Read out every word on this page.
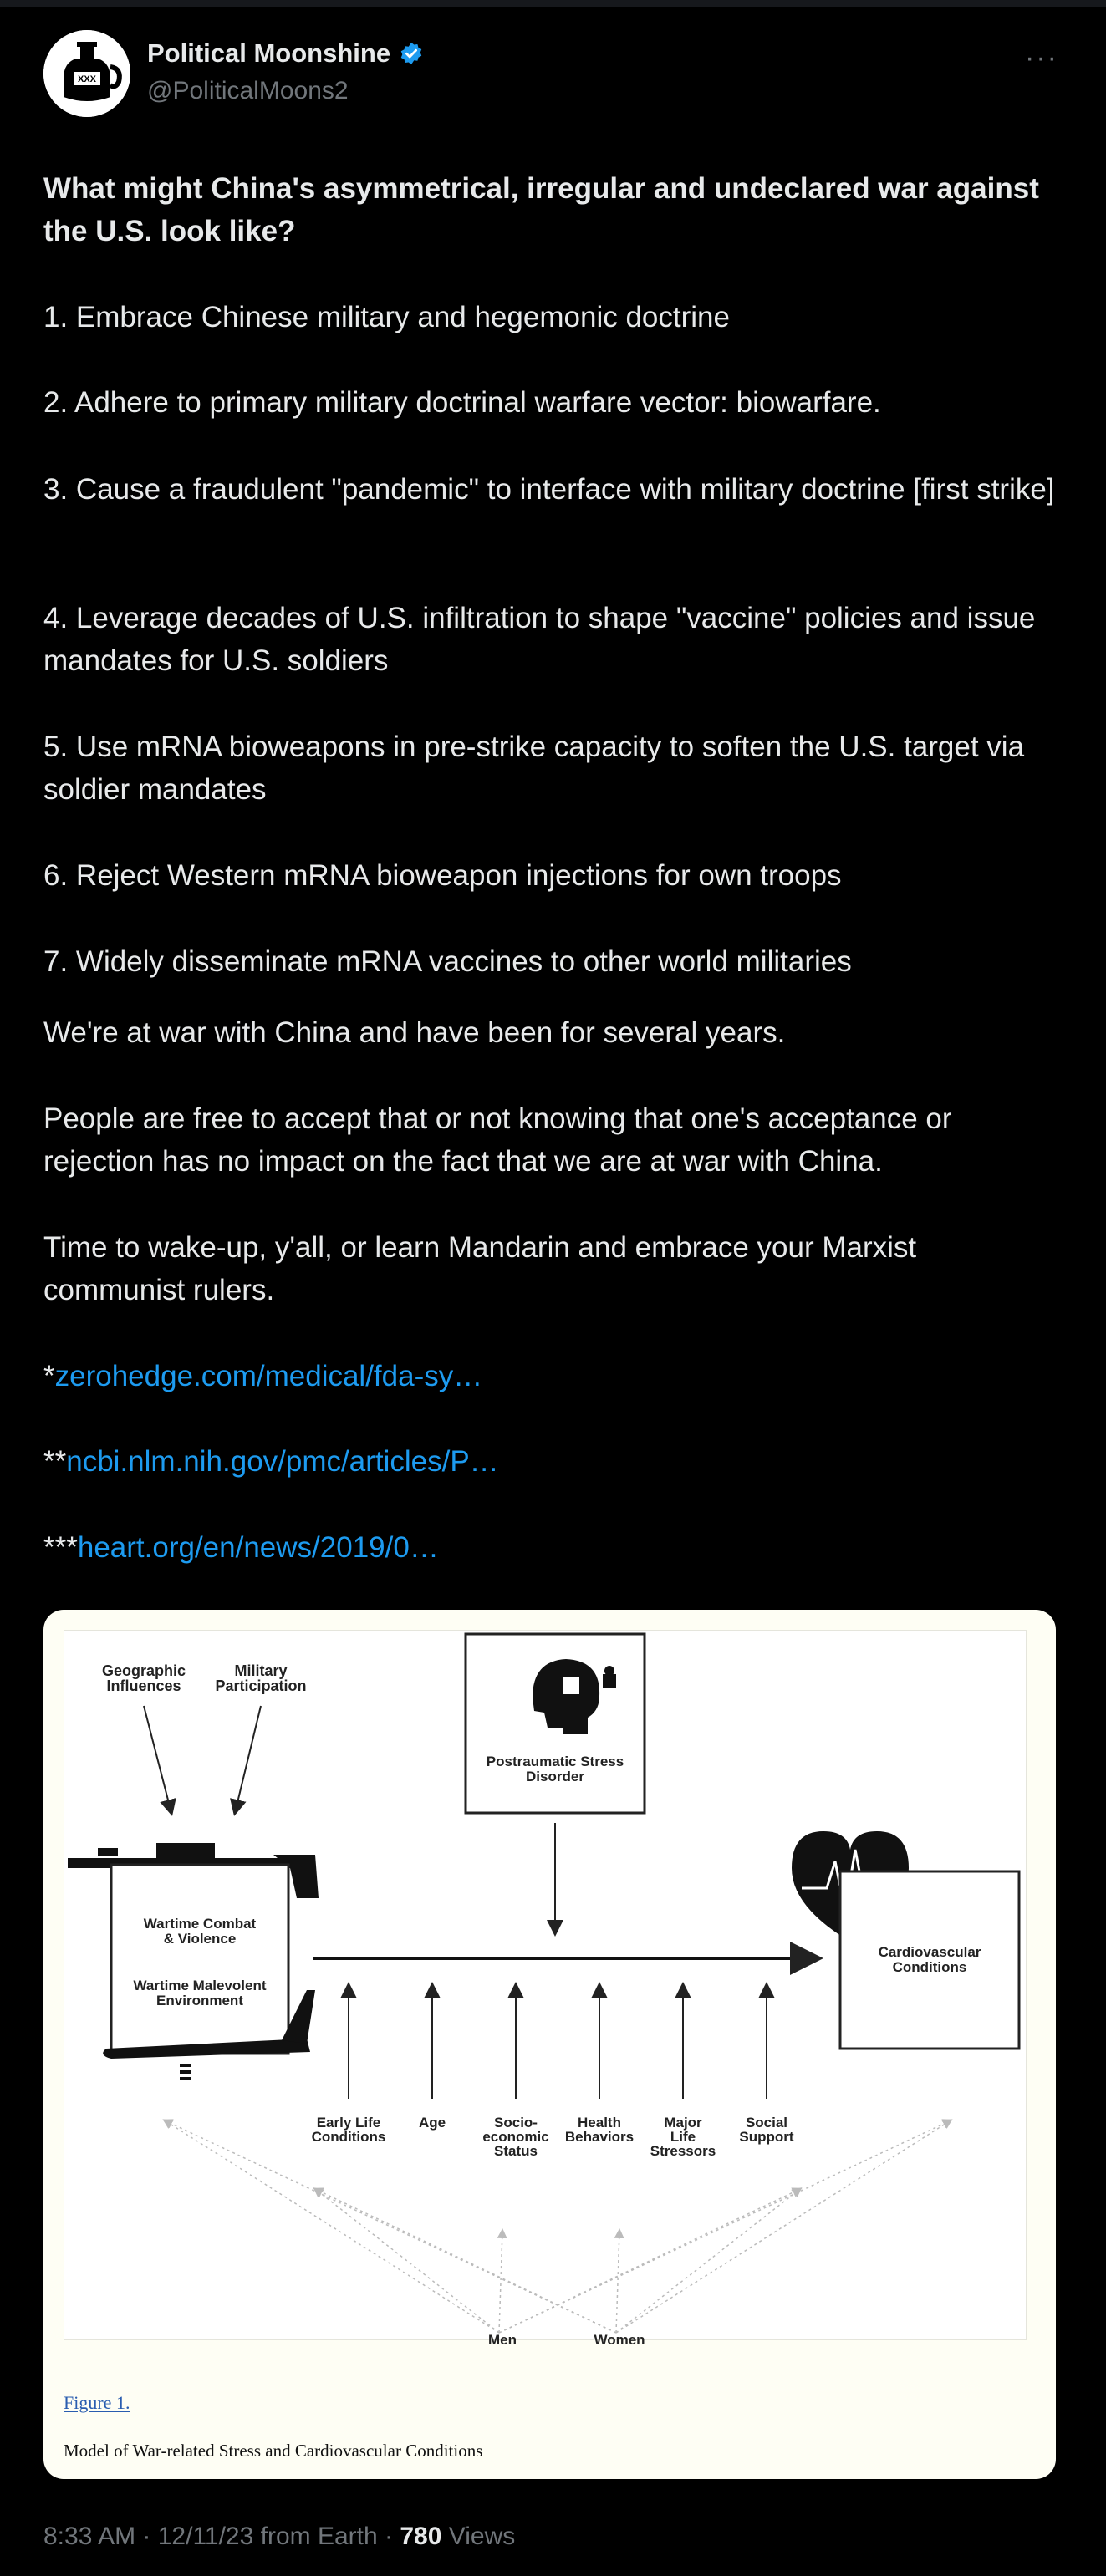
XXX
Political Moonshine
@PoliticalMoons2
···

What might China's asymmetrical, irregular and undeclared war against the U.S. look like?

1. Embrace Chinese military and hegemonic doctrine

2. Adhere to primary military doctrinal warfare vector: biowarfare.

3. Cause a fraudulent "pandemic" to interface with military doctrine [first strike]

4. Leverage decades of U.S. infiltration to shape "vaccine" policies and issue mandates for U.S. soldiers

5. Use mRNA bioweapons in pre-strike capacity to soften the U.S. target via soldier mandates

6. Reject Western mRNA bioweapon injections for own troops

7. Widely disseminate mRNA vaccines to other world militaries

We're at war with China and have been for several years.

People are free to accept that or not knowing that one's acceptance or rejection has no impact on the fact that we are at war with China.

Time to wake-up, y'all, or learn Mandarin and embrace your Marxist communist rulers.

*zerohedge.com/medical/fda-sy…
**ncbi.nlm.nih.gov/pmc/articles/P…
***heart.org/en/news/2019/0…
Geographic Influences
Military Participation
Postraumatic Stress Disorder
Wartime Combat & Violence
Wartime Malevolent Environment
Cardiovascular Conditions
Early Life Conditions
Age	Socio-economic Status
Health Behaviors
Major Life Stressors
Social Support
Men	Women
Figure 1.
Model of War-related Stress and Cardiovascular Conditions
8:33 AM · 12/11/23 from Earth · 780 Views
